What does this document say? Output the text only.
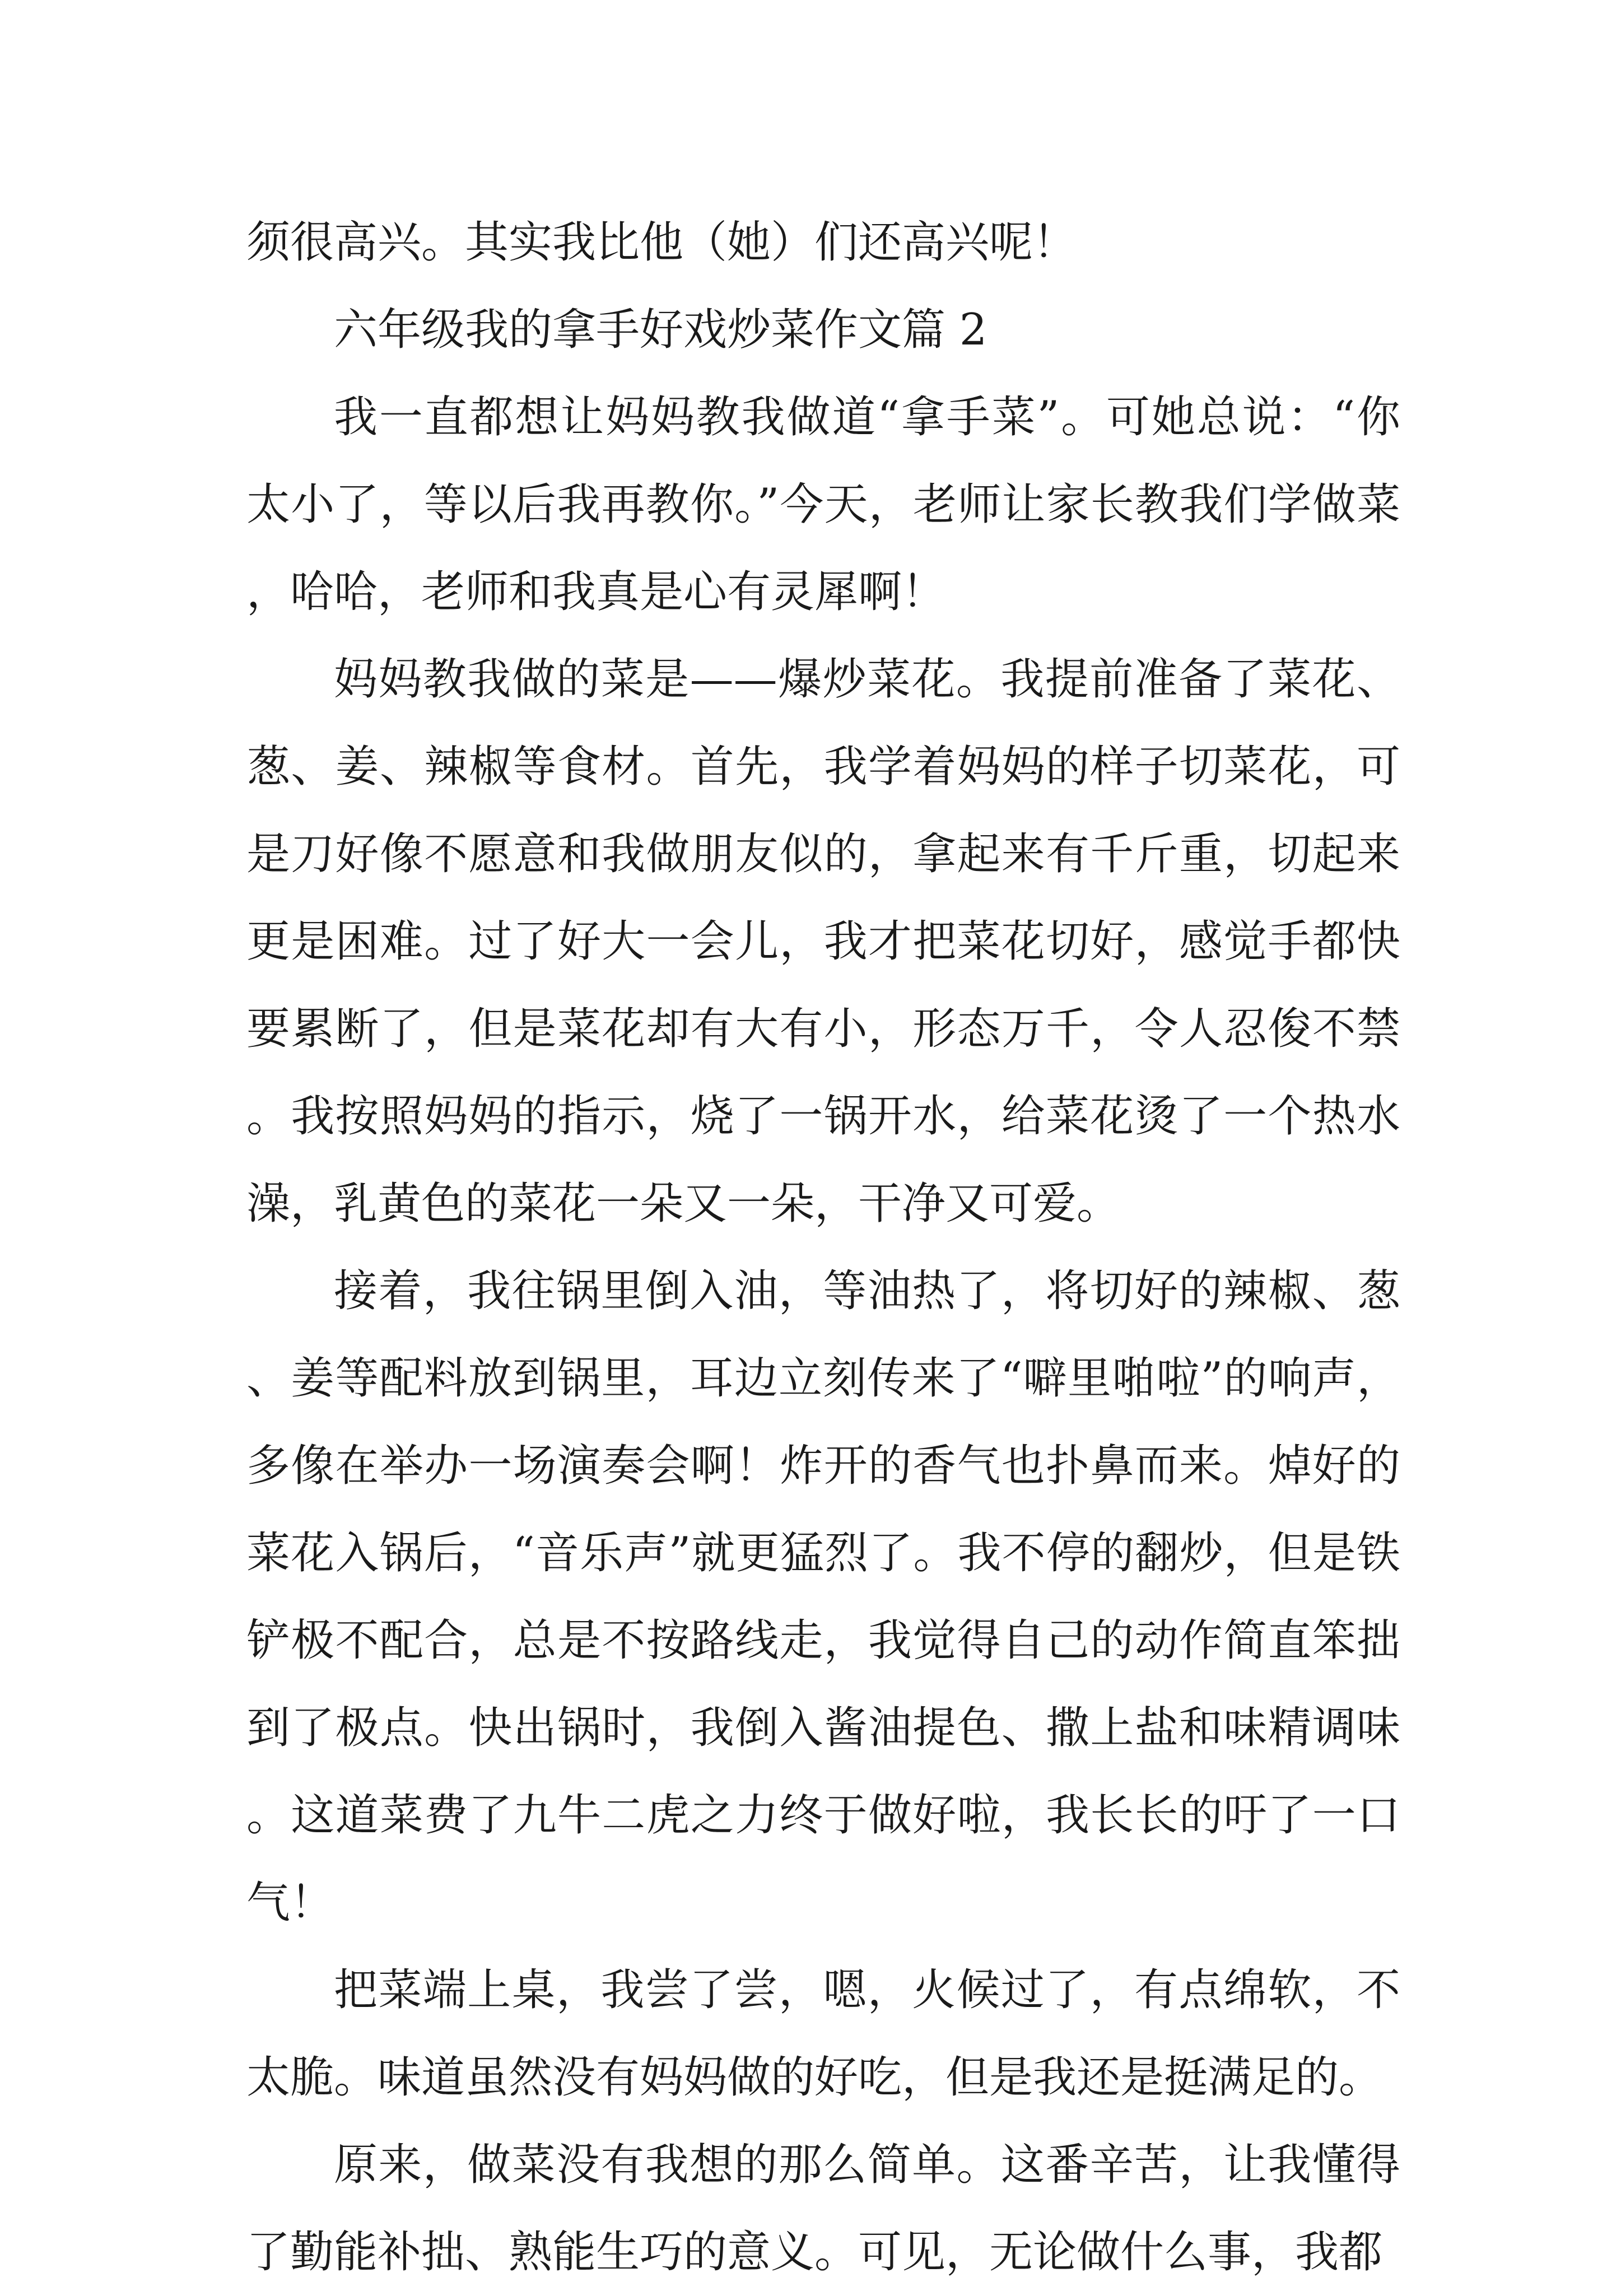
须很高兴。其实我比他（她）们还高兴呢！

六年级我的拿手好戏炒菜作文篇 2

我一直都想让妈妈教我做道“拿手菜”。可她总说：“你太小了，等以后我再教你。”今天，老师让家长教我们学做菜，哈哈，老师和我真是心有灵犀啊！

妈妈教我做的菜是——爆炒菜花。我提前准备了菜花、葱、姜、辣椒等食材。首先，我学着妈妈的样子切菜花，可是刀好像不愿意和我做朋友似的，拿起来有千斤重，切起来更是困难。过了好大一会儿，我才把菜花切好，感觉手都快要累断了，但是菜花却有大有小，形态万千，令人忍俊不禁。我按照妈妈的指示，烧了一锅开水，给菜花烫了一个热水澡，乳黄色的菜花一朵又一朵，干净又可爱。

接着，我往锅里倒入油，等油热了，将切好的辣椒、葱、姜等配料放到锅里，耳边立刻传来了“噼里啪啦”的响声，多像在举办一场演奏会啊！炸开的香气也扑鼻而来。焯好的菜花入锅后，“音乐声”就更猛烈了。我不停的翻炒，但是铁铲极不配合，总是不按路线走，我觉得自己的动作简直笨拙到了极点。快出锅时，我倒入酱油提色、撒上盐和味精调味。这道菜费了九牛二虎之力终于做好啦，我长长的吁了一口气！

把菜端上桌，我尝了尝，嗯，火候过了，有点绵软，不太脆。味道虽然没有妈妈做的好吃，但是我还是挺满足的。

原来，做菜没有我想的那么简单。这番辛苦，让我懂得了勤能补拙、熟能生巧的意义。可见，无论做什么事，我都
